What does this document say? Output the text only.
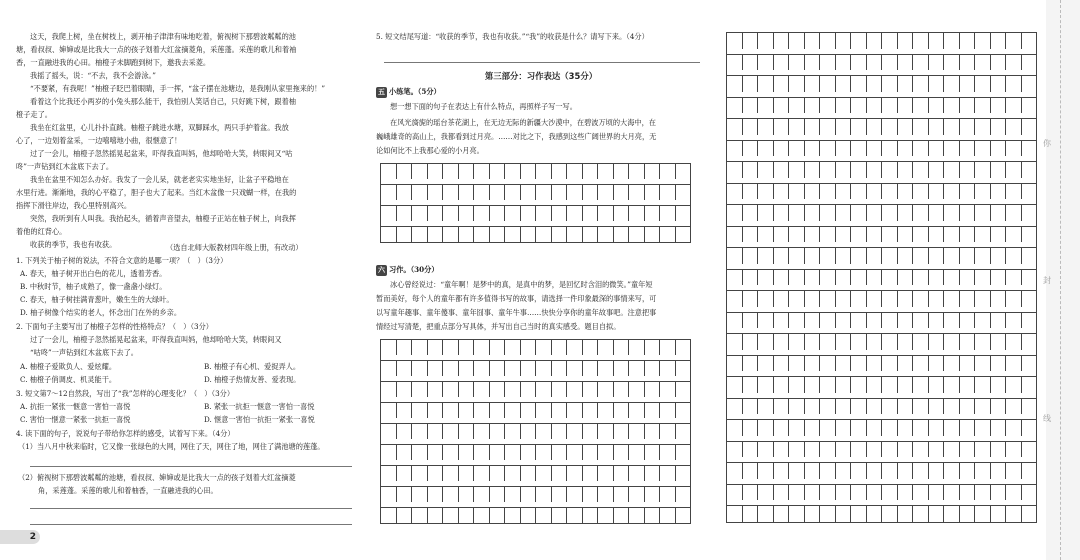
这天，我爬上树，坐在树枝上，剥开柚子津津有味地吃着，俯视树下那碧波粼粼的池
塘，看叔叔、婶婶或是比我大一点的孩子划着大红盆摘菱角，采莲蓬。采莲的歌儿和着袖
香，一直融进我的心田。柚橙子未脚跑到树下，邀我去采菱。
我摇了摇头，说：“不去，我不会游泳。”
“不要紧，有我呢！”柚橙子眨巴着眼睛，手一挥，“盆子摆在池塘边，是我刚从家里拖来的！”
看着这个比我还小两岁的小兔头那么能干，我怕别人笑话自己，只好跳下树，跟着柚
橙子走了。
我坐在红盆里，心儿扑扑直跳。柚橙子跳进水塘，双脚踩水，两只手护着盆。我放
心了，一边划着盆采，一边嘻嘻地小曲，很惬意了！
过了一会儿，柚橙子忽然摇晃起盆来，吓得我直叫妈，他却哈哈大笑，转眼间又“咕
咚”一声钻到红木盆底下去了。
我坐在盆里不知怎么办好。我发了一会儿呆，就老老实实地坐好，让盆子平稳地在
水里行进。渐渐地，我的心平稳了，胆子也大了起来。当红木盆像一只戏蝴一样，在我的
指挥下滑往岸边，我心里特别高兴。
突然，我听到有人叫我。我抬起头，循着声音望去，柚橙子正站在柚子树上，向我挥
着他的红背心。
收获的季节，我也有收获。	（选自北师大版教材四年级上册，有改动）
1. 下列关于柚子树的说法，不符合文意的是哪一项？（　）（3分）
A. 春天，柚子树开出白色的花儿，透着芳香。
B. 中秋时节，柚子成熟了，像一盏盏小绿灯。
C. 春天，柚子树挂满青葱叶，嫩生生的大绿叶。
D. 柚子树像个结实的老人，怀念出门在外的乡亲。
2. 下面句子主要写出了柚橙子怎样的性格特点？（　）（3分）
过了一会儿，柚橙子忽然摇晃起盆来，吓得我直叫妈，他却哈哈大笑，转眼间又
“咕咚”一声钻到红木盆底下去了。
A. 柚橙子爱欺负人、爱炫耀。	B. 柚橙子有心机、爱捉弄人。
C. 柚橙子俏调皮、机灵能干。	D. 柚橙子热情友善、爱表现。
3. 短文第7～12自然段，写出了“我”怎样的心理变化？（　）（3分）
A. 抗拒一紧张一惬意一害怕一喜悦	B. 紧张一抗拒一惬意一害怕一喜悦
C. 害怕一惬意一紧张一抗拒一喜悦	D. 惬意一害怕一抗拒一紧张一喜悦
4. 读下面的句子，说说句子带给你怎样的感受，试着写下来。（4分）
（1）当八月中秋来临时，它又像一张绿色的大网，网住了天，网住了地，网住了满池塘的莲蓬。
（2）俯视树下那碧波粼粼的池塘，看叔叔、婶婶或是比我大一点的孩子划着大红盆摘菱
角，采莲蓬。采莲的歌儿和着柚香，一直融进我的心田。
2
5. 短文结尾写道：“收获的季节，我也有收获。”“我”的收获是什么？请写下来。（4分）
第三部分：习作表达（35分）
五 小练笔。（5分）
想一想下面的句子在表达上有什么特点，再照样子写一写。
在风光旖旎的瑶台茶花湖上，在无边无际的新疆大沙漠中，在碧波万顷的大海中，在
巍峨雄奇的高山上，我都看到过月亮。……对比之下，我感到这些广阔世界的大月亮，无
论如何比不上我那心爱的小月亮。
六 习作。（30分）
冰心曾经说过：“童年啊！是梦中的真，是真中的梦，是回忆时含泪的微笑。”童年短
暂而美好，每个人的童年都有许多值得书写的故事，请选择一件印象最深的事情来写，可
以写童年趣事、童年傻事、童年囧事、童年牛事……快快分享你的童年故事吧。注意把事
情经过写清楚，把重点部分写具体，并写出自己当时的真实感受。题目自拟。
你
封
线
